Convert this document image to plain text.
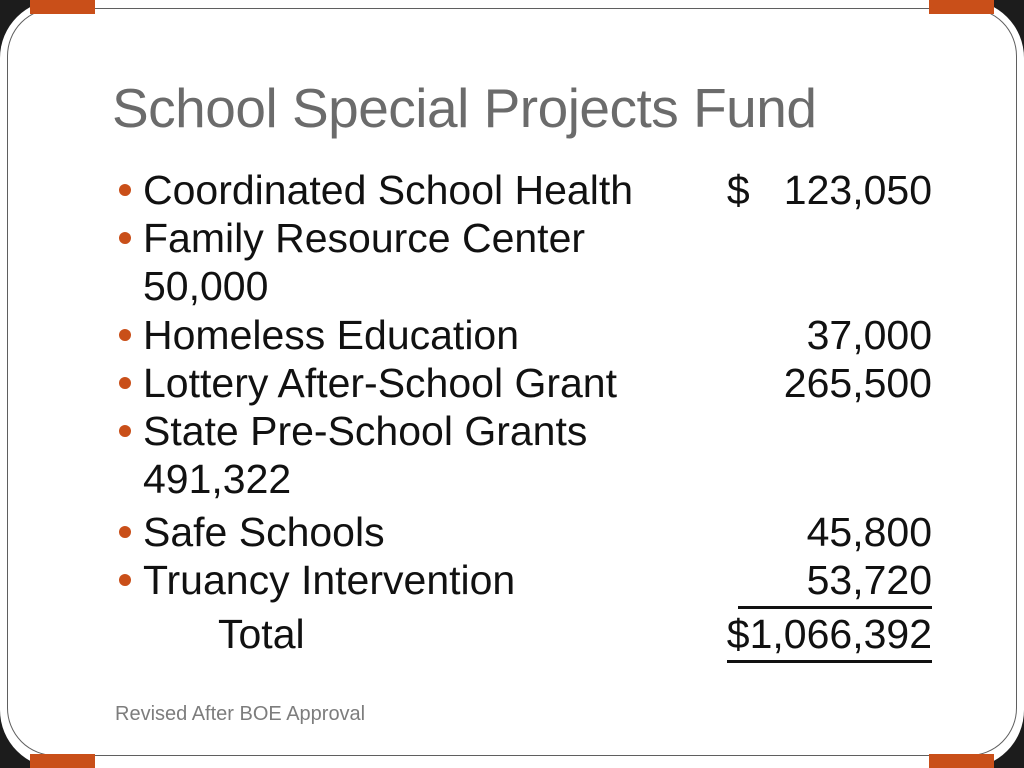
School Special Projects Fund
Coordinated School Health $   123,050
Family Resource Center
50,000
Homeless Education	37,000
Lottery After-School Grant	265,500
State Pre-School Grants
491,322
Safe Schools	45,800
Truancy Intervention	53,720
Total	$1,066,392
Revised After BOE Approval
